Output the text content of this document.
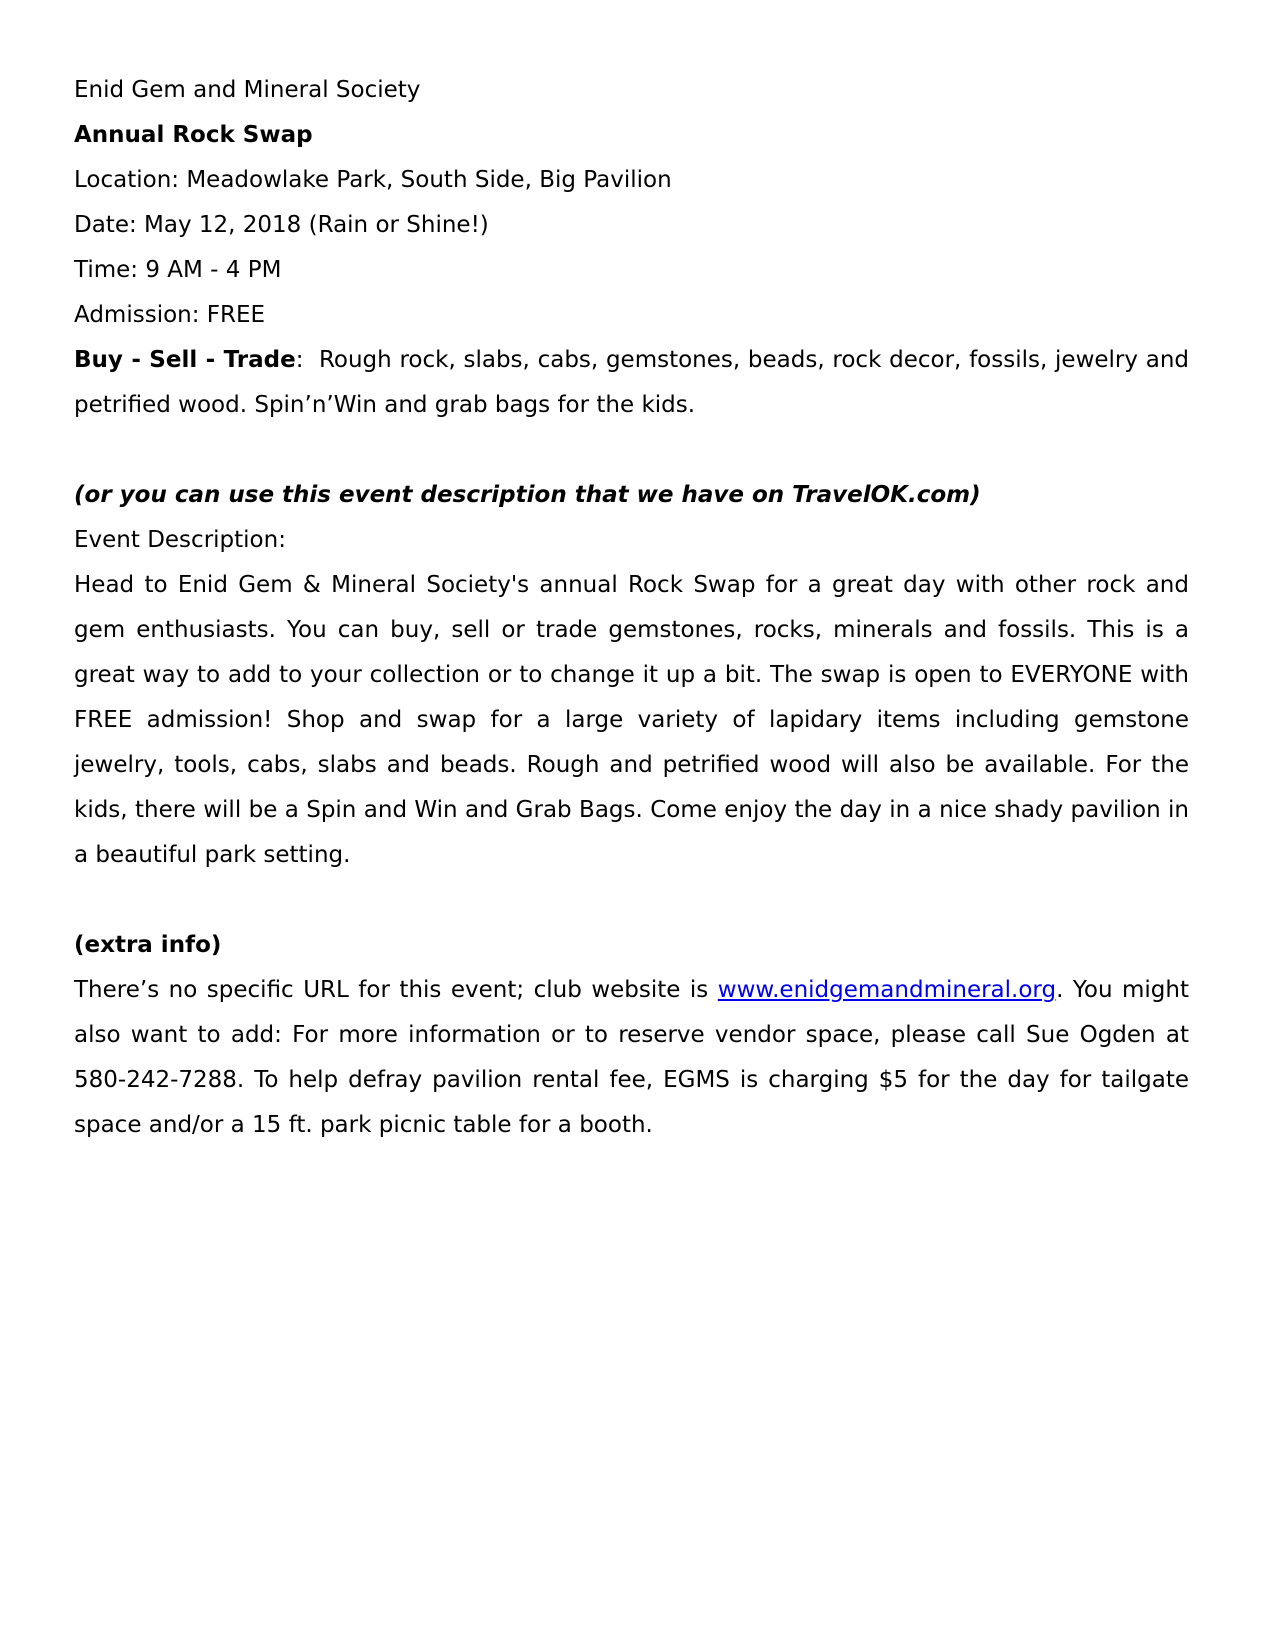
Enid Gem and Mineral Society

Annual Rock Swap

Location: Meadowlake Park, South Side, Big Pavilion

Date: May 12, 2018 (Rain or Shine!)

Time: 9 AM - 4 PM

Admission: FREE

Buy - Sell - Trade:  Rough rock, slabs, cabs, gemstones, beads, rock decor, fossils, jewelry and petrified wood. Spin’n’Win and grab bags for the kids.

(or you can use this event description that we have on TravelOK.com)

Event Description:

Head to Enid Gem & Mineral Society's annual Rock Swap for a great day with other rock and gem enthusiasts. You can buy, sell or trade gemstones, rocks, minerals and fossils. This is a great way to add to your collection or to change it up a bit. The swap is open to EVERYONE with FREE admission! Shop and swap for a large variety of lapidary items including gemstone jewelry, tools, cabs, slabs and beads. Rough and petrified wood will also be available. For the kids, there will be a Spin and Win and Grab Bags. Come enjoy the day in a nice shady pavilion in a beautiful park setting.

(extra info)

There’s no specific URL for this event; club website is www.enidgemandmineral.org. You might also want to add: For more information or to reserve vendor space, please call Sue Ogden at 580-242-7288. To help defray pavilion rental fee, EGMS is charging $5 for the day for tailgate space and/or a 15 ft. park picnic table for a booth.
